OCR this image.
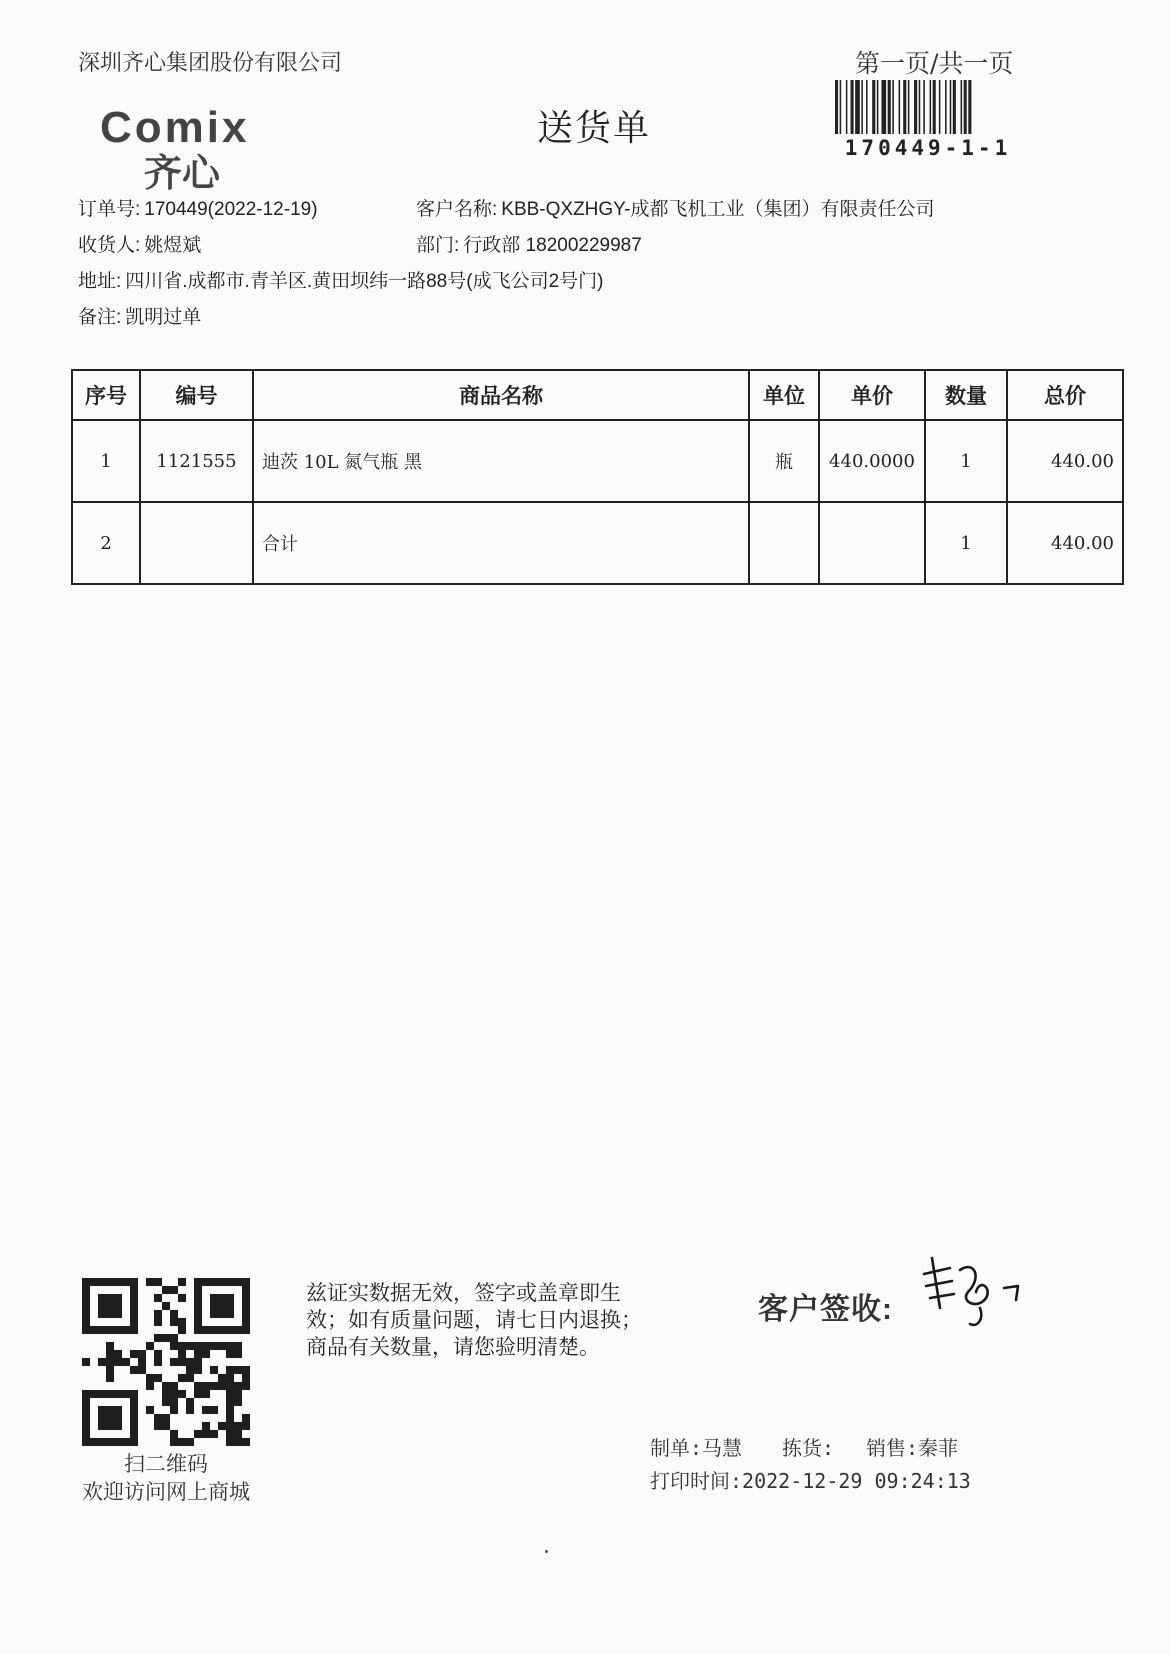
深圳齐心集团股份有限公司	第一页/共一页
Comix
齐心
送货单	170449-1-1
订单号: 170449(2022-12-19)	客户名称: KBB-QXZHGY-成都飞机工业（集团）有限责任公司
收货人: 姚煜斌	部门: 行政部 18200229987
地址: 四川省.成都市.青羊区.黄田坝纬一路88号(成飞公司2号门)
备注: 凯明过单
序号	编号	商品名称	单位	单价	数量	总价
1	1121555	迪茨 10L 氮气瓶 黑	瓶	440.0000	1	440.00
2		合计			1	440.00
扫二维码
欢迎访问网上商城
兹证实数据无效，签字或盖章即生
效；如有质量问题，请七日内退换；
商品有关数量，请您验明清楚。
客户签收:
制单:马慧 拣货: 销售:秦菲
打印时间:2022-12-29 09:24:13
